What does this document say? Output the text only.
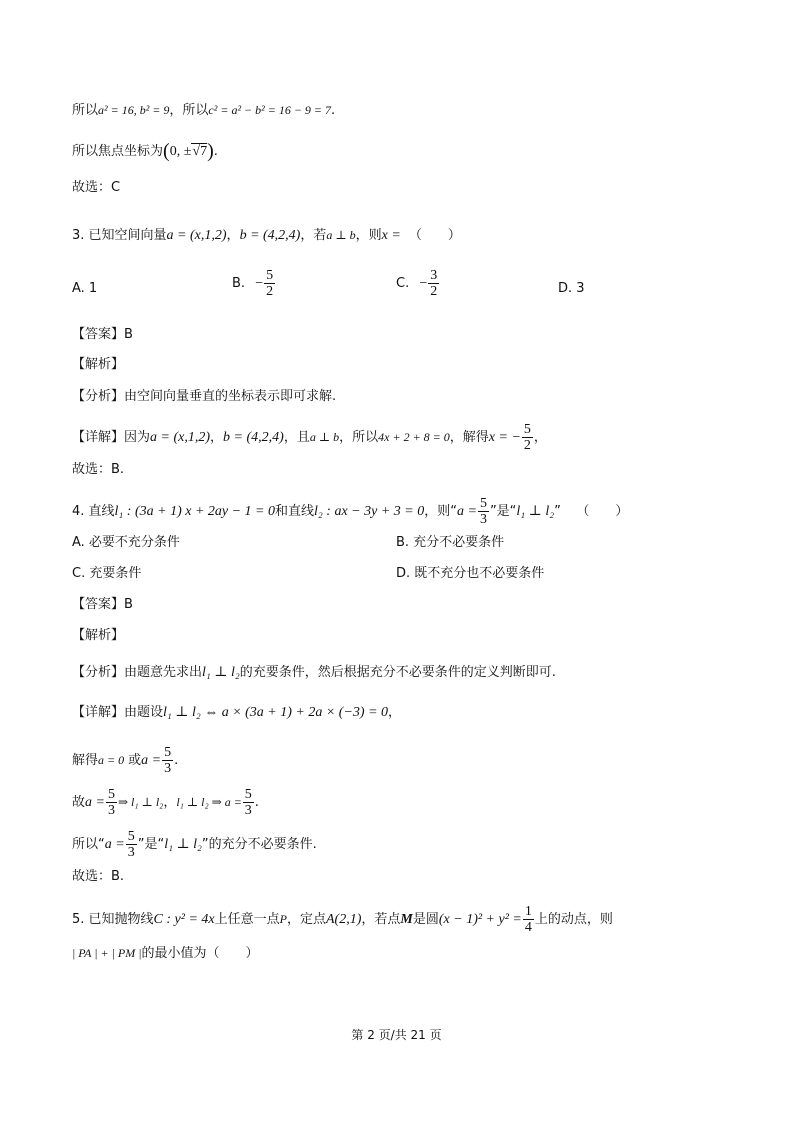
所以a² = 16, b² = 9，所以c² = a² − b² = 16 − 9 = 7.
所以焦点坐标为(0, ±√7).
故选：C
3. 已知空间向量a = (x,1,2)，b = (4,2,4)，若a ⊥ b，则x = （　　）
A. 1	B. − $\frac{5}{2}$	C. − $\frac{3}{2}$	D. 3
【答案】B
【解析】
【分析】由空间向量垂直的坐标表示即可求解.
【详解】因为a = (x,1,2)，b = (4,2,4)，且a ⊥ b，所以4x + 2 + 8 = 0，解得x = − $\frac{5}{2}$ ，
故选：B.
4. 直线l₁ : (3a + 1) x + 2ay − 1 = 0和直线l₂ : ax − 3y + 3 = 0，则“$a = \frac{5}{3}$ ”是“l₁ ⊥ l₂” （　　）
A. 必要不充分条件	B. 充分不必要条件
C. 充要条件	D. 既不充分也不必要条件
【答案】B
【解析】
【分析】由题意先求出l₁ ⊥ l₂的充要条件，然后根据充分不必要条件的定义判断即可.
【详解】由题设l₁ ⊥ l₂ ⇔ a × (3a + 1) + 2a × (−3) = 0，
解得a = 0 或$a = \frac{5}{3}$ .
故$a = \frac{5}{3}$ ⇒ l₁ ⊥ l₂，l₁ ⊥ l₂ ⇒ $a = \frac{5}{3}$ .
所以“$a = \frac{5}{3}$ ”是“l₁ ⊥ l₂”的充分不必要条件.
故选：B.
5. 已知抛物线C : y² = 4x上任意一点P，定点A(2,1)，若点M是圆$(x - 1)^2 + y^2 = \frac{1}{4}$ 上的动点，则
| PA | + | PM |的最小值为（　　）
第 2 页/共 21 页
